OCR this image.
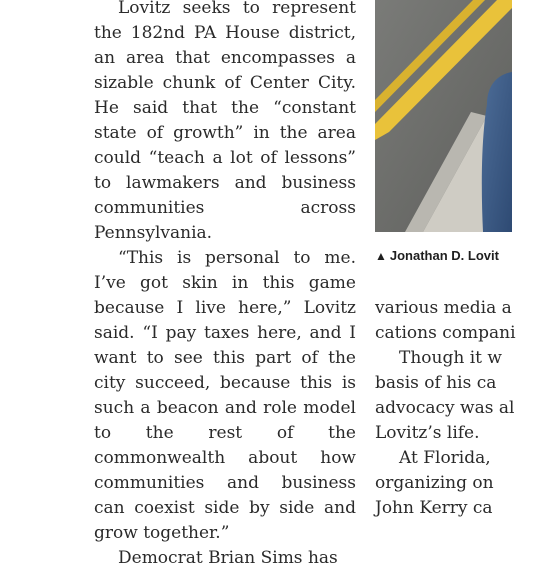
Lovitz seeks to represent the 182nd PA House district, an area that encompasses a sizable chunk of Center City. He said that the “constant state of growth” in the area could “teach a lot of lessons” to lawmakers and business communities across Pennsylvania.

“This is personal to me. I’ve got skin in this game because I live here,” Lovitz said. “I pay taxes here, and I want to see this part of the city succeed, because this is such a beacon and role model to the rest of the commonwealth about how communities and business can coexist side by side and grow together.”

Democrat Brian Sims has

▲ Jonathan D. Lovit
various media a
cations compani
Though it w
basis of his ca
advocacy was al
Lovitz’s life.
At Florida,
organizing on
John Kerry ca
